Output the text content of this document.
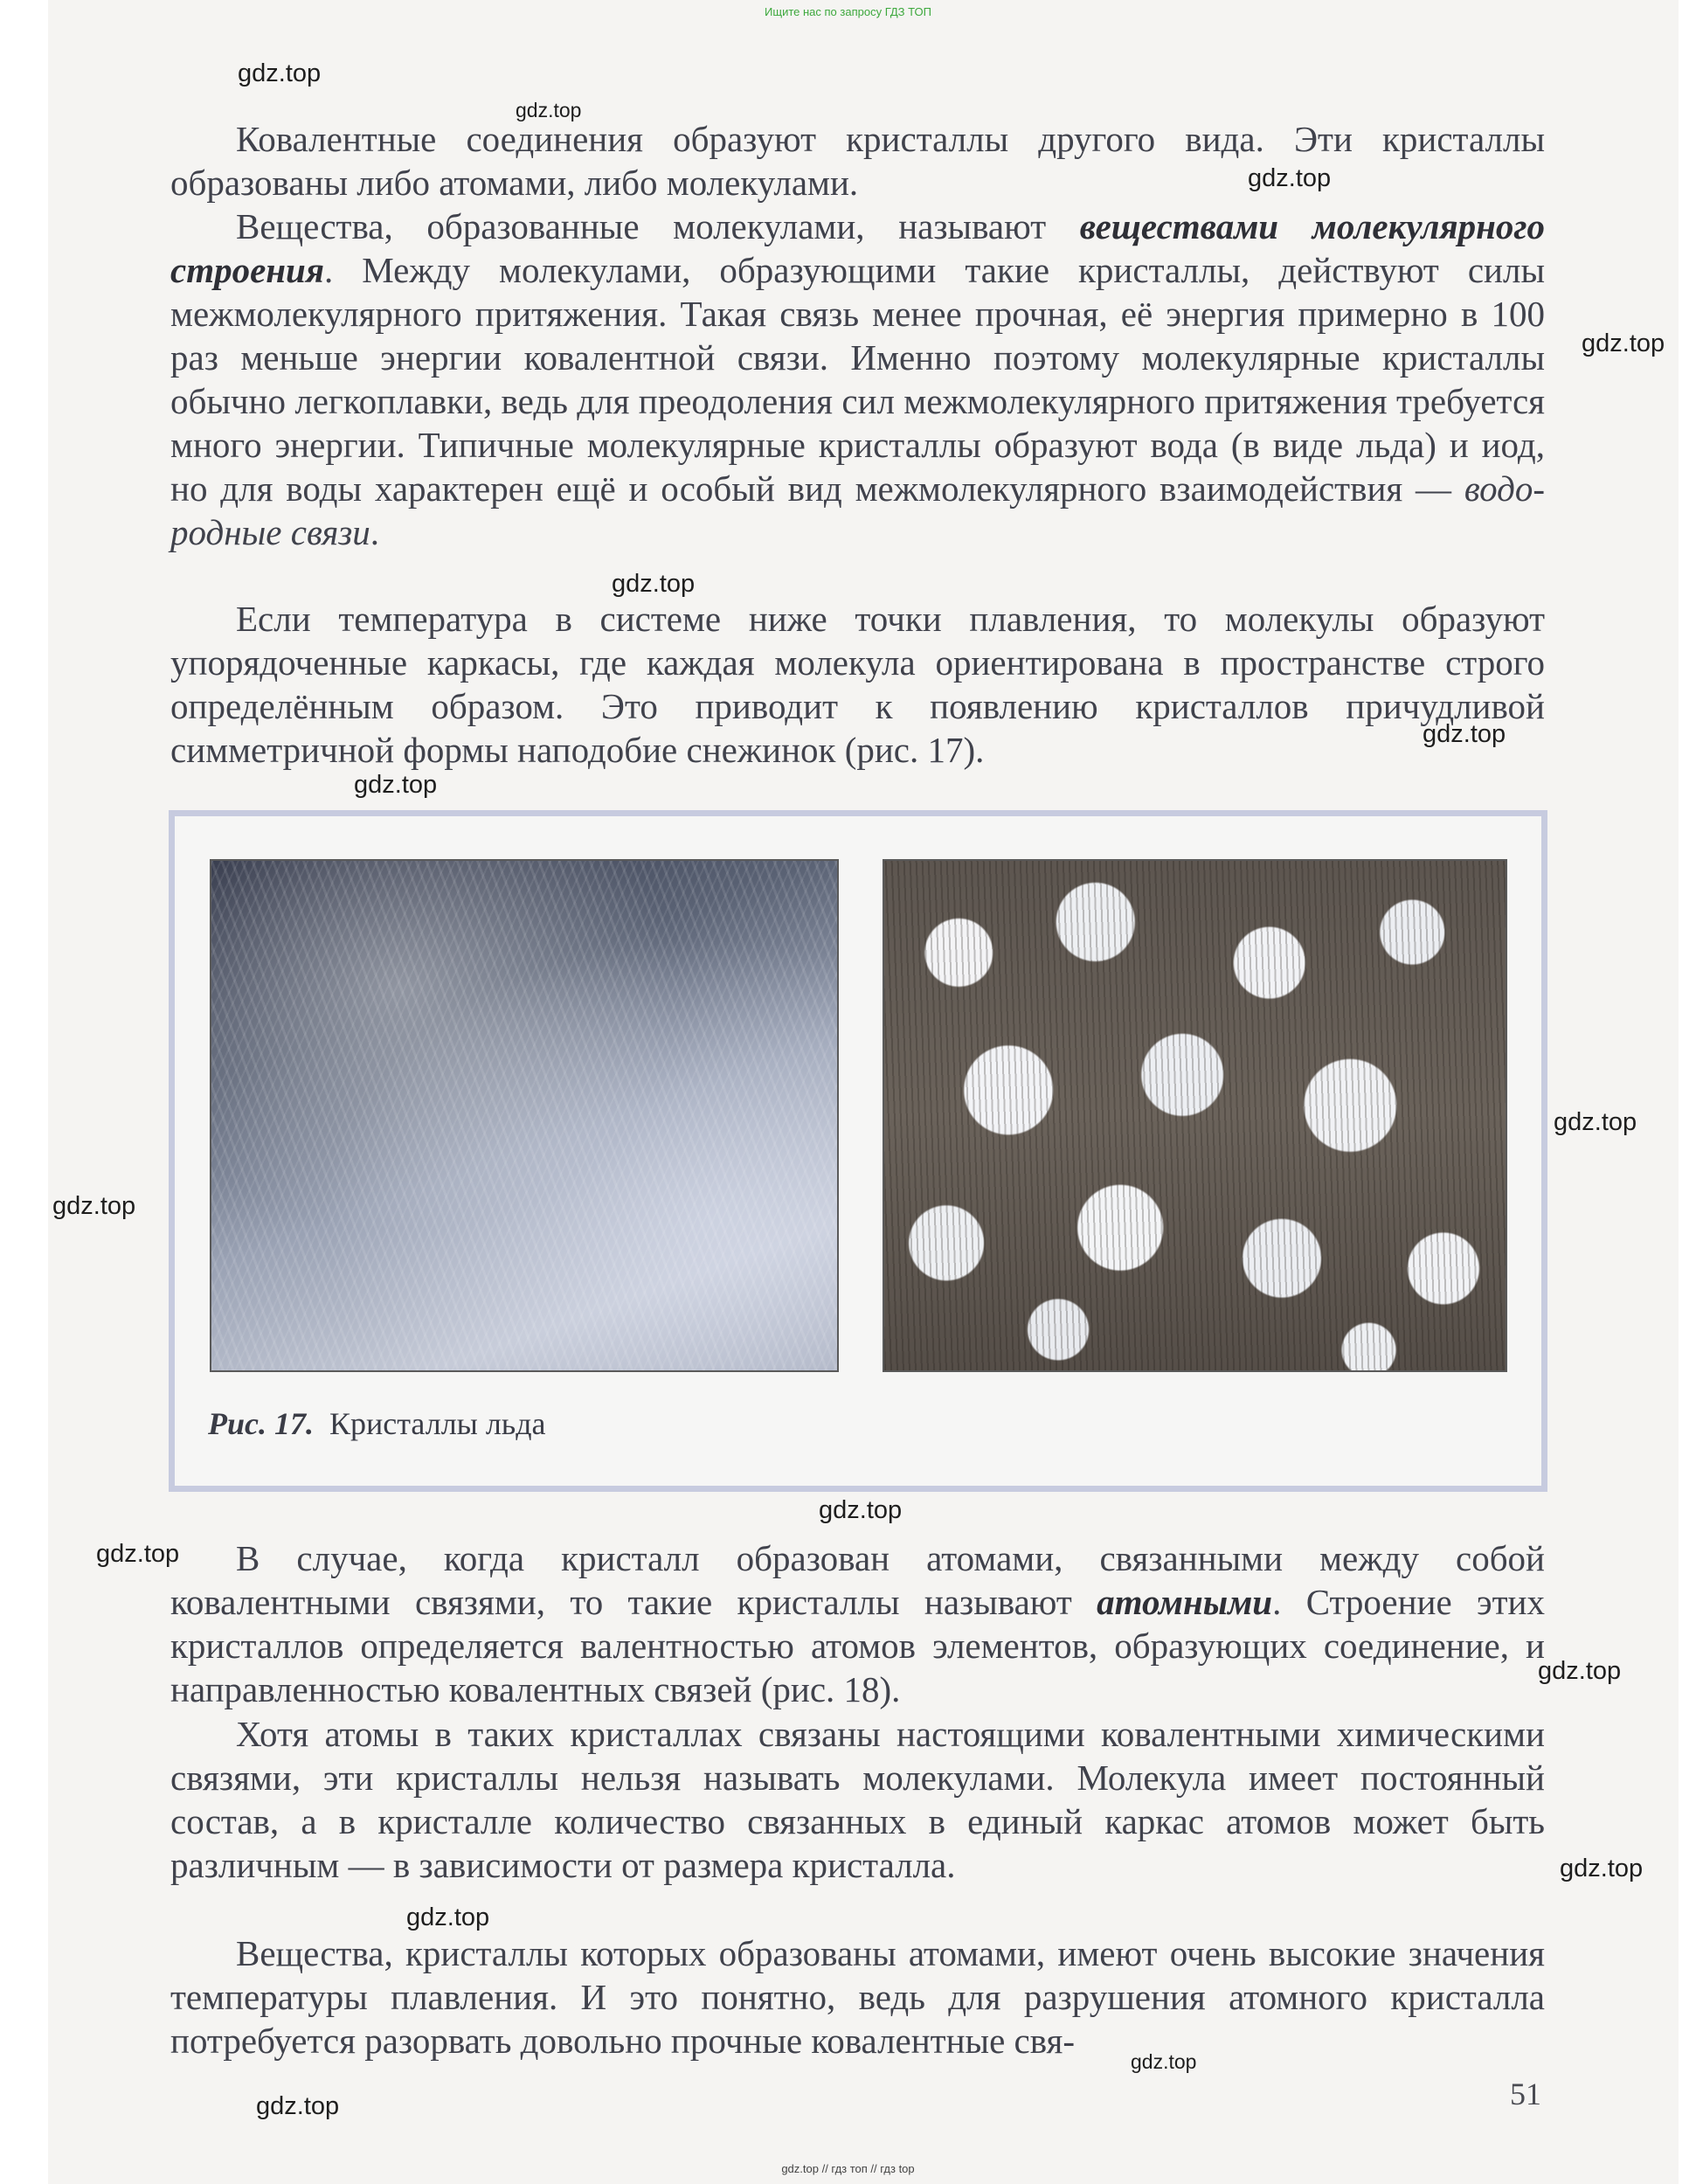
Ищите нас по запросу ГДЗ ТОП
gdz.top
gdz.top
gdz.top
gdz.top
gdz.top
gdz.top
gdz.top
gdz.top
gdz.top
gdz.top
gdz.top
gdz.top
gdz.top
gdz.top
gdz.top
gdz.top

Ковалентные соединения образуют кристаллы другого вида. Эти кристаллы образованы либо атомами, либо молекулами.

Вещества, образованные молекулами, называют веществами молекулярного строения. Между молекулами, образующими такие кристаллы, действуют силы межмолекулярного притяжения. Такая связь менее прочная, её энергия примерно в 100 раз меньше энергии ковалентной связи. Именно поэтому молекулярные кристаллы обычно легкоплавки, ведь для преодоления сил межмолекулярного притяжения требуется много энергии. Типичные молекулярные кристаллы образуют вода (в виде льда) и иод, но для воды характерен ещё и особый вид межмолекулярного взаимодействия — водородные связи.

Если температура в системе ниже точки плавления, то молекулы образуют упорядоченные каркасы, где каждая молекула ориентирована в пространстве строго определённым образом. Это приводит к появлению кристаллов причудливой симметричной формы наподобие снежинок (рис. 17).

Рис. 17. Кристаллы льда

В случае, когда кристалл образован атомами, связанными между собой ковалентными связями, то такие кристаллы называют атомными. Строение этих кристаллов определяется валентностью атомов элементов, образующих соединение, и направленностью ковалентных связей (рис. 18).

Хотя атомы в таких кристаллах связаны настоящими ковалентными химическими связями, эти кристаллы нельзя называть молекулами. Молекула имеет постоянный состав, а в кристалле количество связанных в единый каркас атомов может быть различным — в зависимости от размера кристалла.

Вещества, кристаллы которых образованы атомами, имеют очень высокие значения температуры плавления. И это понятно, ведь для разрушения атомного кристалла потребуется разорвать довольно прочные ковалентные свя-

51
gdz.top // гдз топ // гдз top
